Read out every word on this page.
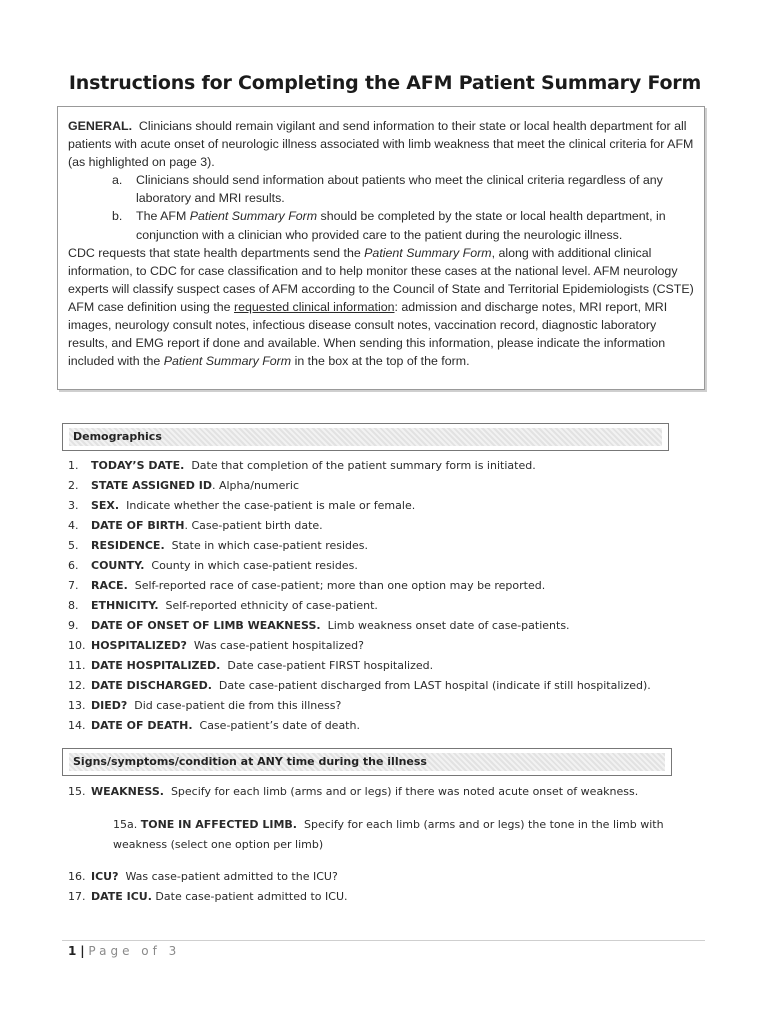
Instructions for Completing the AFM Patient Summary Form

GENERAL. Clinicians should remain vigilant and send information to their state or local health department for all patients with acute onset of neurologic illness associated with limb weakness that meet the clinical criteria for AFM (as highlighted on page 3).

a. Clinicians should send information about patients who meet the clinical criteria regardless of any laboratory and MRI results.
b. The AFM Patient Summary Form should be completed by the state or local health department, in conjunction with a clinician who provided care to the patient during the neurologic illness.

CDC requests that state health departments send the Patient Summary Form, along with additional clinical information, to CDC for case classification and to help monitor these cases at the national level. AFM neurology experts will classify suspect cases of AFM according to the Council of State and Territorial Epidemiologists (CSTE) AFM case definition using the requested clinical information: admission and discharge notes, MRI report, MRI images, neurology consult notes, infectious disease consult notes, vaccination record, diagnostic laboratory results, and EMG report if done and available. When sending this information, please indicate the information included with the Patient Summary Form in the box at the top of the form.

Demographics
1. TODAY’S DATE. Date that completion of the patient summary form is initiated.
2. STATE ASSIGNED ID. Alpha/numeric
3. SEX. Indicate whether the case-patient is male or female.
4. DATE OF BIRTH. Case-patient birth date.
5. RESIDENCE. State in which case-patient resides.
6. COUNTY. County in which case-patient resides.
7. RACE. Self-reported race of case-patient; more than one option may be reported.
8. ETHNICITY. Self-reported ethnicity of case-patient.
9. DATE OF ONSET OF LIMB WEAKNESS. Limb weakness onset date of case-patients.
10. HOSPITALIZED? Was case-patient hospitalized?
11. DATE HOSPITALIZED. Date case-patient FIRST hospitalized.
12. DATE DISCHARGED. Date case-patient discharged from LAST hospital (indicate if still hospitalized).
13. DIED? Did case-patient die from this illness?
14. DATE OF DEATH. Case-patient’s date of death.
Signs/symptoms/condition at ANY time during the illness
15. WEAKNESS. Specify for each limb (arms and or legs) if there was noted acute onset of weakness.
15a. TONE IN AFFECTED LIMB. Specify for each limb (arms and or legs) the tone in the limb with weakness (select one option per limb)
16. ICU? Was case-patient admitted to the ICU?
17. DATE ICU. Date case-patient admitted to ICU.
1 | Page of 3
